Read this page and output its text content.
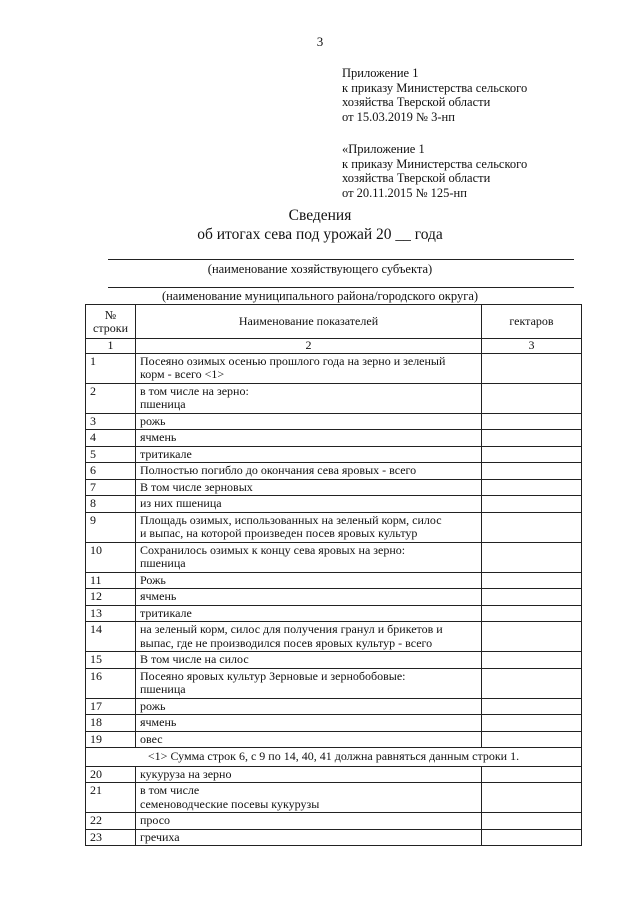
3
Приложение 1
к приказу Министерства сельского
хозяйства Тверской области
от 15.03.2019 № 3-нп
«Приложение 1
к приказу Министерства сельского
хозяйства Тверской области
от 20.11.2015 № 125-нп
Сведения
об итогах сева под урожай 20 __ года
(наименование хозяйствующего субъекта)
(наименование муниципального района/городского округа)
№
строки	Наименование показателей	гектаров
1	2	3
1	Посеяно озимых осенью прошлого года на зерно и зеленый
корм - всего <1>	
2	в том числе на зерно:
пшеница	
3	рожь	
4	ячмень	
5	тритикале	
6	Полностью погибло до окончания сева яровых - всего	
7	В том числе зерновых	
8	из них пшеница	
9	Площадь озимых, использованных на зеленый корм, силос
и выпас, на которой произведен посев яровых культур	
10	Сохранилось озимых к концу сева яровых на зерно:
пшеница	
11	Рожь	
12	ячмень	
13	тритикале	
14	на зеленый корм, силос для получения гранул и брикетов и
выпас, где не производился посев яровых культур - всего	
15	В том числе на силос	
16	Посеяно яровых культур Зерновые и зернобобовые:
пшеница	
17	рожь	
18	ячмень	
19	овес	
<1> Сумма строк 6, с 9 по 14, 40, 41 должна равняться данным строки 1.		
20	кукуруза на зерно	
21	в том числе
семеноводческие посевы кукурузы	
22	просо	
23	гречиха	
